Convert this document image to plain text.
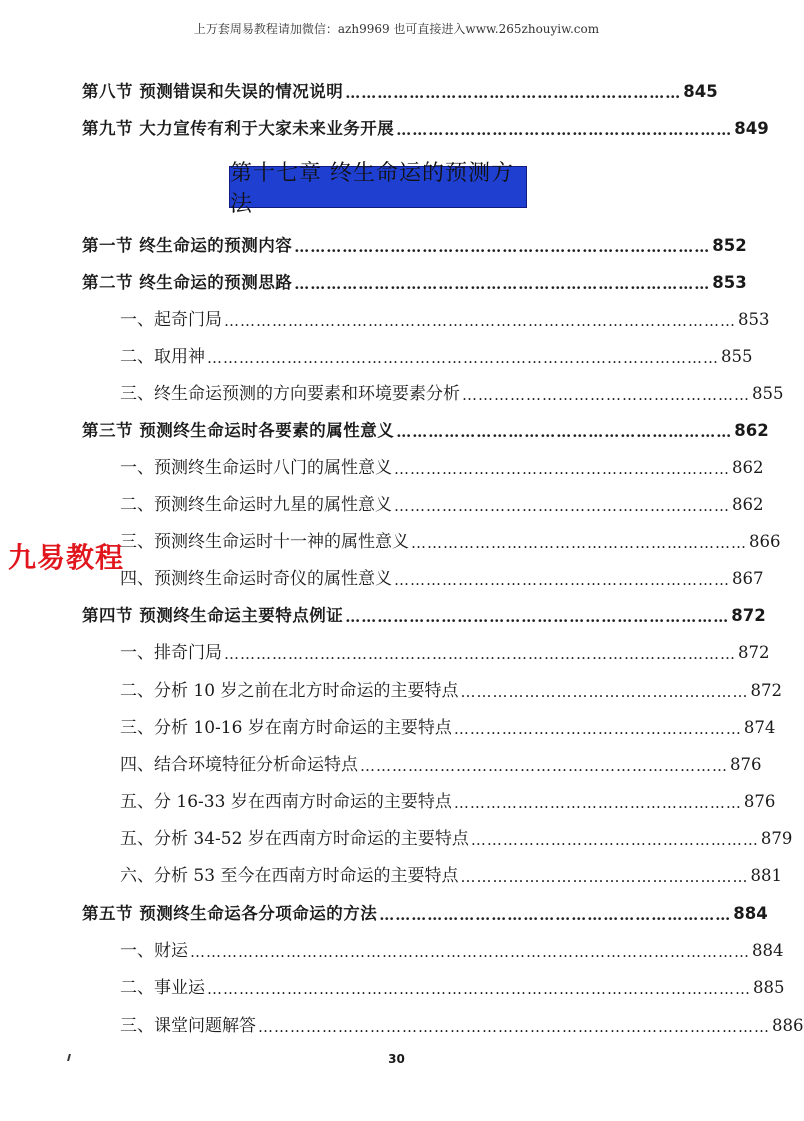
上万套周易教程请加微信：azh9969 也可直接进入www.265zhouyiw.com
第八节 预测错误和失误的情况说明 ……………………………………………………… 845
第九节 大力宣传有利于大家未来业务开展 ……………………………………………………… 849
第十七章 终生命运的预测方法
第一节 终生命运的预测内容 …………………………………………………………………… 852
第二节 终生命运的预测思路 …………………………………………………………………… 853
一、起奇门局 …………………………………………………………………………………… 853
二、取用神 …………………………………………………………………………………… 855
三、终生命运预测的方向要素和环境要素分析 ……………………………………………… 855
第三节 预测终生命运时各要素的属性意义 ……………………………………………………… 862
一、预测终生命运时八门的属性意义 ……………………………………………………… 862
二、预测终生命运时九星的属性意义 ……………………………………………………… 862
三、预测终生命运时十一神的属性意义 ……………………………………………………… 866
四、预测终生命运时奇仪的属性意义 ……………………………………………………… 867
第四节 预测终生命运主要特点例证 ……………………………………………………………… 872
一、排奇门局 …………………………………………………………………………………… 872
二、分析 10 岁之前在北方时命运的主要特点 ……………………………………………… 872
三、分析 10-16 岁在南方时命运的主要特点 ……………………………………………… 874
四、结合环境特征分析命运特点 …………………………………………………………… 876
五、分 16-33 岁在西南方时命运的主要特点 ……………………………………………… 876
五、分析 34-52 岁在西南方时命运的主要特点 ……………………………………………… 879
六、分析 53 至今在西南方时命运的主要特点 ……………………………………………… 881
第五节 预测终生命运各分项命运的方法 ………………………………………………………… 884
一、财运 …………………………………………………………………………………………… 884
二、事业运 ………………………………………………………………………………………… 885
三、课堂问题解答 …………………………………………………………………………………… 886
九易教程
30
